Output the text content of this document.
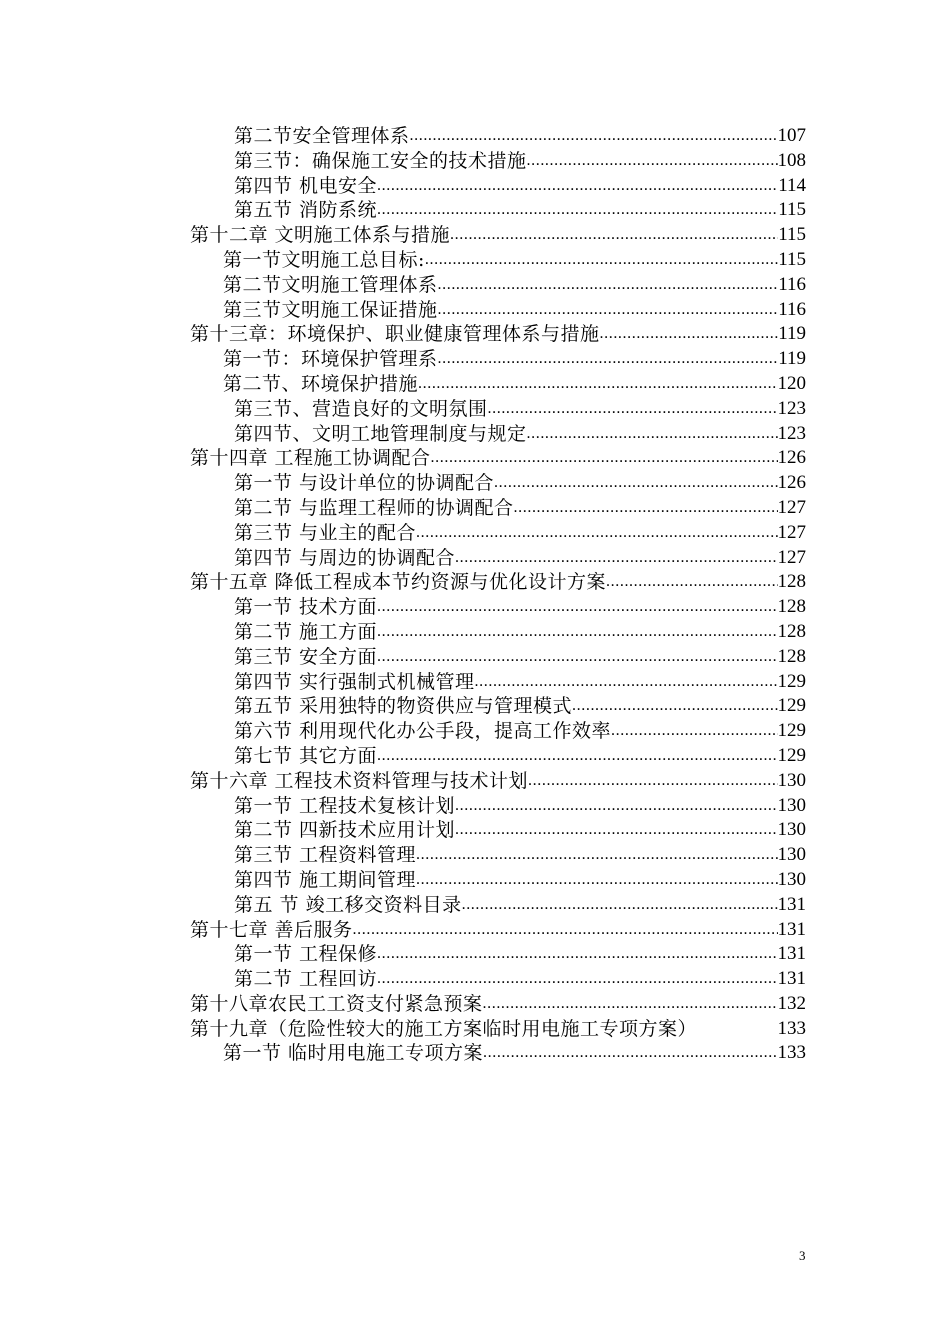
第二节安全管理体系 .....	107
第三节：确保施工安全的技术措施 .....	108
第四节 机电安全 .....	114
第五节 消防系统 .....	115
第十二章 文明施工体系与措施 .....	115
第一节文明施工总目标: .....	115
第二节文明施工管理体系 .....	116
第三节文明施工保证措施 .....	116
第十三章：环境保护、职业健康管理体系与措施 .....	119
第一节：环境保护管理系 .....	119
第二节、环境保护措施 .....	120
第三节、营造良好的文明氛围 .....	123
第四节、文明工地管理制度与规定 .....	123
第十四章 工程施工协调配合 .....	126
第一节 与设计单位的协调配合 .....	126
第二节 与监理工程师的协调配合 .....	127
第三节 与业主的配合 .....	127
第四节 与周边的协调配合 .....	127
第十五章 降低工程成本节约资源与优化设计方案 .....	128
第一节 技术方面 .....	128
第二节 施工方面 .....	128
第三节 安全方面 .....	128
第四节 实行强制式机械管理 .....	129
第五节 采用独特的物资供应与管理模式 .....	129
第六节 利用现代化办公手段，提高工作效率 .....	129
第七节 其它方面 .....	129
第十六章 工程技术资料管理与技术计划 .....	130
第一节 工程技术复核计划 .....	130
第二节 四新技术应用计划 .....	130
第三节 工程资料管理 .....	130
第四节 施工期间管理 .....	130
第五 节 竣工移交资料目录 .....	131
第十七章 善后服务 .....	131
第一节 工程保修 .....	131
第二节 工程回访 .....	131
第十八章农民工工资支付紧急预案 .....	132
第十九章（危险性较大的施工方案临时用电施工专项方案）	133
第一节 临时用电施工专项方案 .....	133
3
